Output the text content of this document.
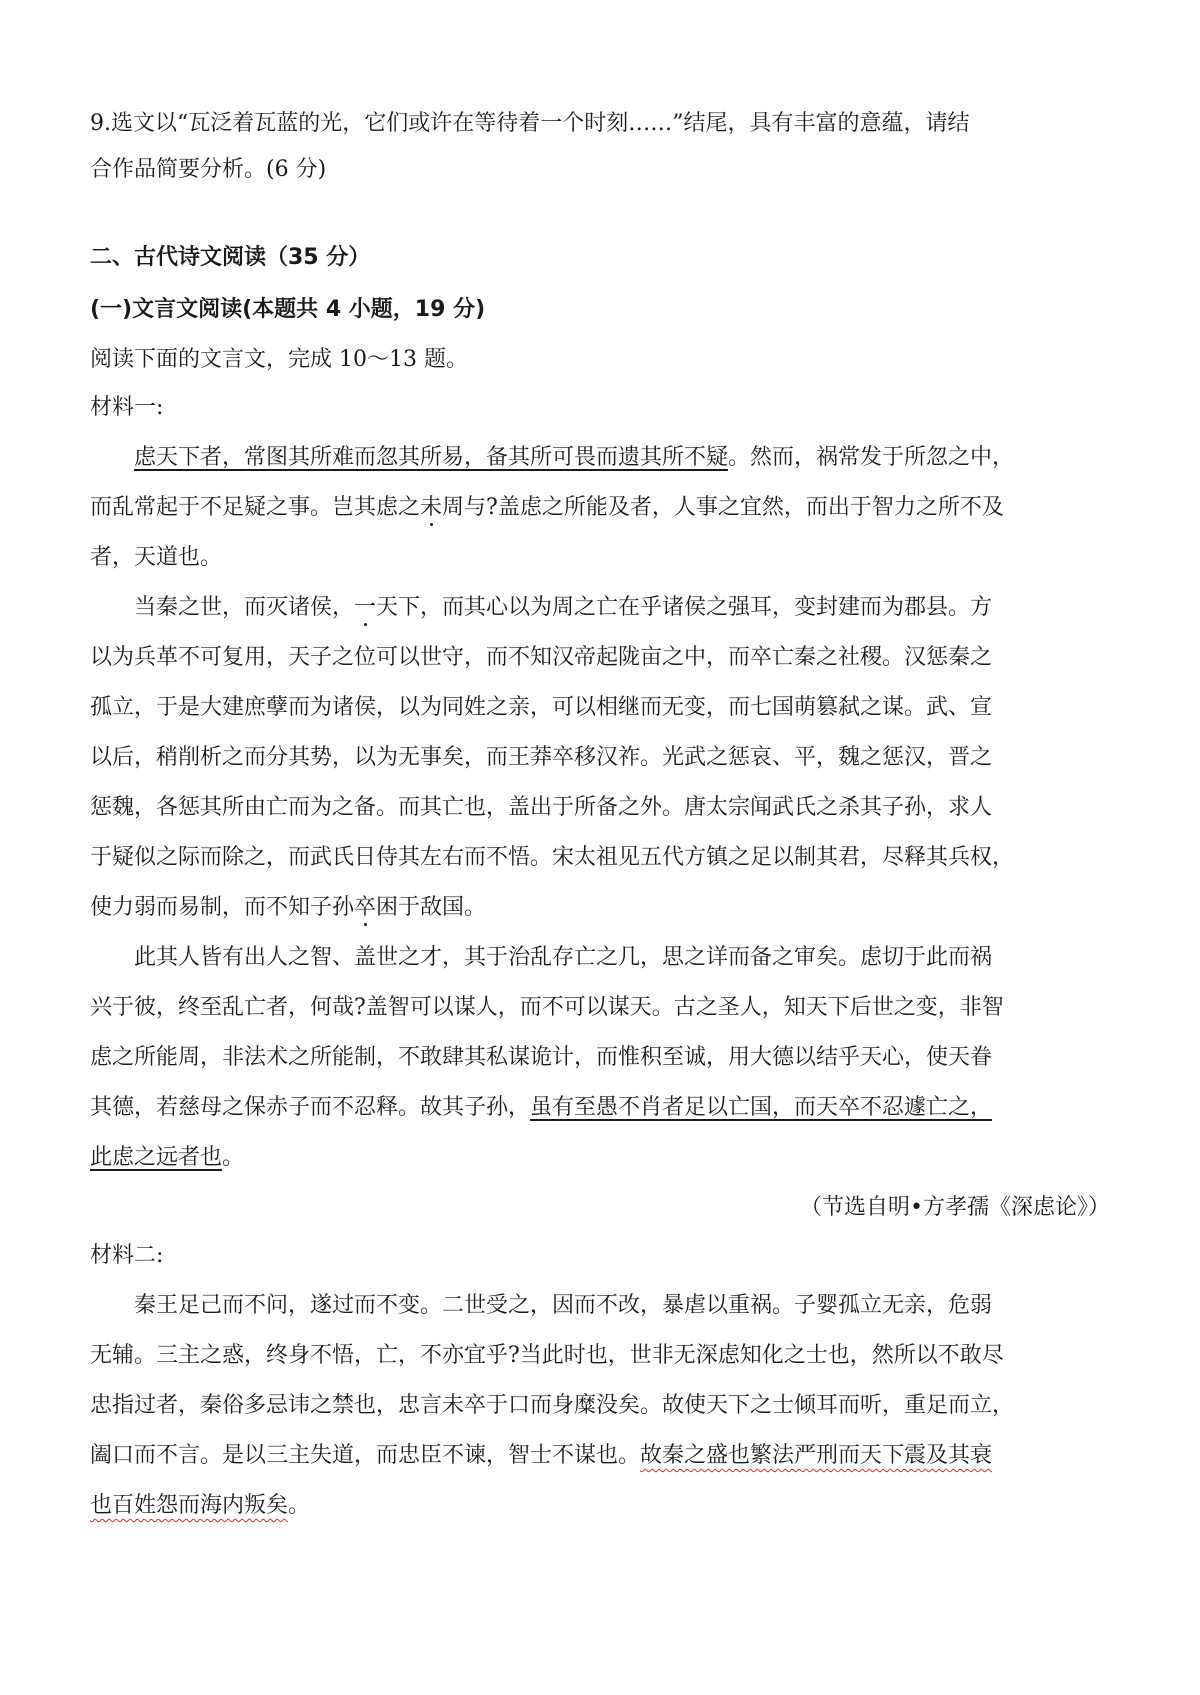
9.选文以“瓦泛着瓦蓝的光，它们或许在等待着一个时刻……”结尾，具有丰富的意蕴，请结
合作品简要分析。(6 分)
二、古代诗文阅读（35 分）
(一)文言文阅读(本题共 4 小题，19 分)
阅读下面的文言文，完成 10～13 题。
材料一:
虑天下者，常图其所难而忽其所易，备其所可畏而遗其所不疑。然而，祸常发于所忽之中，
而乱常起于不足疑之事。岂其虑之未周与?盖虑之所能及者，人事之宜然，而出于智力之所不及
者，天道也。
当秦之世，而灭诸侯，一天下，而其心以为周之亡在乎诸侯之强耳，变封建而为郡县。方
以为兵革不可复用，天子之位可以世守，而不知汉帝起陇亩之中，而卒亡秦之社稷。汉惩秦之
孤立，于是大建庶孽而为诸侯，以为同姓之亲，可以相继而无变，而七国萌篡弑之谋。武、宣
以后，稍削析之而分其势，以为无事矣，而王莽卒移汉祚。光武之惩哀、平，魏之惩汉，晋之
惩魏，各惩其所由亡而为之备。而其亡也，盖出于所备之外。唐太宗闻武氏之杀其子孙，求人
于疑似之际而除之，而武氏日侍其左右而不悟。宋太祖见五代方镇之足以制其君，尽释其兵权，
使力弱而易制，而不知子孙卒困于敌国。
此其人皆有出人之智、盖世之才，其于治乱存亡之几，思之详而备之审矣。虑切于此而祸
兴于彼，终至乱亡者，何哉?盖智可以谋人，而不可以谋天。古之圣人，知天下后世之变，非智
虑之所能周，非法术之所能制，不敢肆其私谋诡计，而惟积至诚，用大德以结乎天心，使天眷
其德，若慈母之保赤子而不忍释。故其子孙，虽有至愚不肖者足以亡国，而天卒不忍遽亡之，
此虑之远者也。
（节选自明•方孝孺《深虑论》）
材料二:
秦王足己而不问，遂过而不变。二世受之，因而不改，暴虐以重祸。子婴孤立无亲，危弱
无辅。三主之惑，终身不悟，亡，不亦宜乎?当此时也，世非无深虑知化之士也，然所以不敢尽
忠指过者，秦俗多忌讳之禁也，忠言未卒于口而身糜没矣。故使天下之士倾耳而听，重足而立，
阖口而不言。是以三主失道，而忠臣不谏，智士不谋也。故秦之盛也繁法严刑而天下震及其衰
也百姓怨而海内叛矣。
